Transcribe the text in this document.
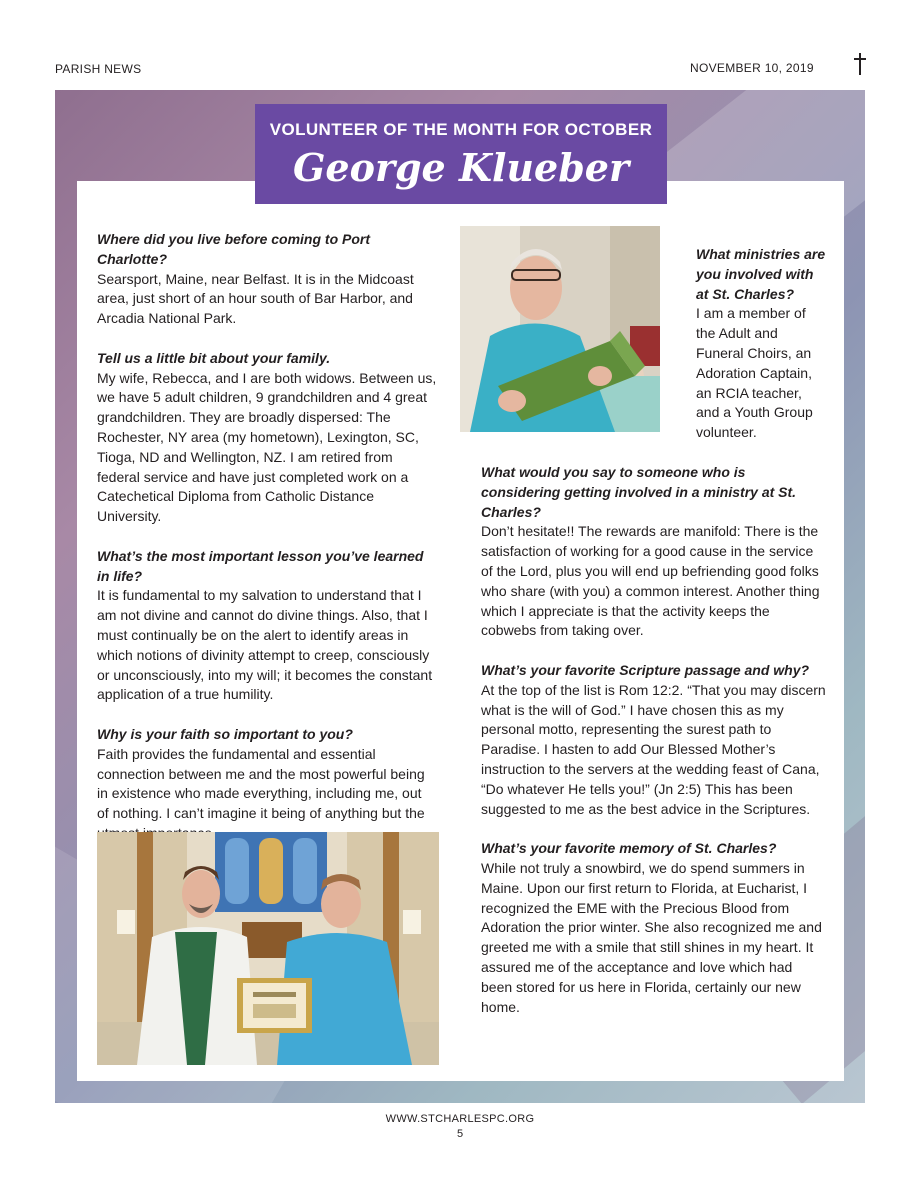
PARISH NEWS	NOVEMBER 10, 2019
VOLUNTEER OF THE MONTH FOR OCTOBER
George Klueber

Where did you live before coming to Port Charlotte?
Searsport, Maine, near Belfast. It is in the Midcoast area, just short of an hour south of Bar Harbor, and Arcadia National Park.

Tell us a little bit about your family.
My wife, Rebecca, and I are both widows. Between us, we have 5 adult children, 9 grandchildren and 4 great grandchildren. They are broadly dispersed: The Rochester, NY area (my hometown), Lexington, SC, Tioga, ND and Wellington, NZ. I am retired from federal service and have just completed work on a Catechetical Diploma from Catholic Distance University.

What’s the most important lesson you’ve learned in life?
It is fundamental to my salvation to understand that I am not divine and cannot do divine things. Also, that I must continually be on the alert to identify areas in which notions of divinity attempt to creep, consciously or unconsciously, into my will; it becomes the constant application of a true humility.

Why is your faith so important to you?
Faith provides the fundamental and essential connection between me and the most powerful being in existence who made everything, including me, out of nothing. I can’t imagine it being of anything but the

What ministries are you involved with at St. Charles?
I am a member of the Adult and Funeral Choirs, an Adoration Captain, an RCIA teacher, and a Youth Group volunteer.

What would you say to someone who is considering getting involved in a ministry at St. Charles?
Don’t hesitate!! The rewards are manifold: There is the satisfaction of working for a good cause in the service of the Lord, plus you will end up befriending good folks who share (with you) a common interest. Another thing which I appreciate is that the activity keeps the cobwebs from taking over.

What’s your favorite Scripture passage and why?
At the top of the list is Rom 12:2. “That you may discern what is the will of God.” I have chosen this as my personal motto, representing the surest path to Paradise. I hasten to add Our Blessed Mother’s instruction to the servers at the wedding feast of Cana, “Do whatever He tells you!” (Jn 2:5) This has been suggested to me as the best advice in the Scriptures.

What’s your favorite memory of St. Charles?
While not truly a snowbird, we do spend summers in Maine. Upon our first return to Florida, at Eucharist, I recognized the EME with the Precious Blood from Adoration the prior winter. She also recognized me and greeted me with a smile that still shines in my heart. It assured me of the acceptance and love which had been stored for us here in Florida, certainly our new home.

WWW.STCHARLESPC.ORG
5
